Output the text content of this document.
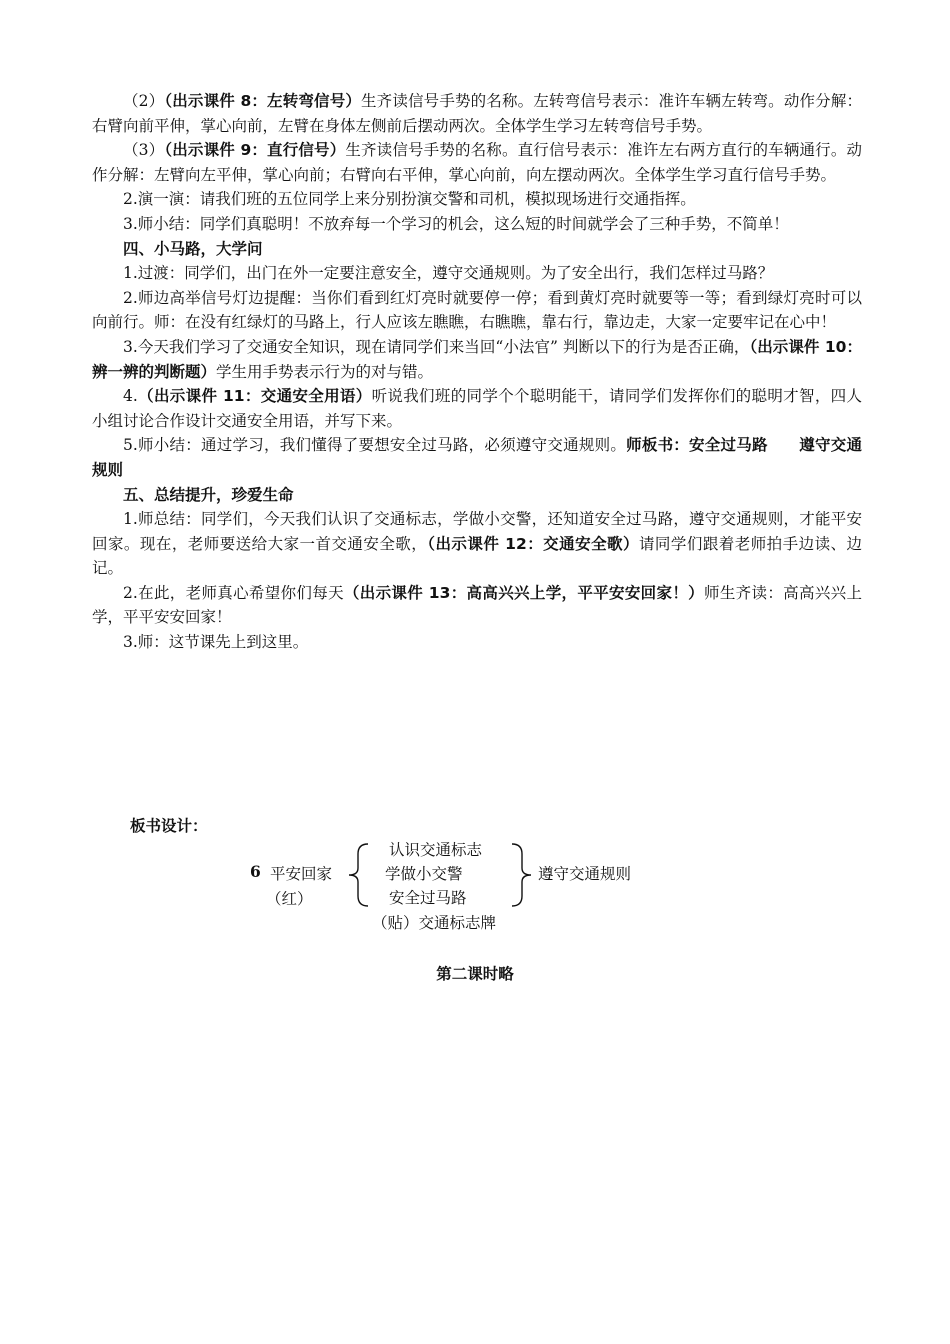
（2）（出示课件 8：左转弯信号）生齐读信号手势的名称。左转弯信号表示：准许车辆左转弯。动作分解：右臂向前平伸，掌心向前，左臂在身体左侧前后摆动两次。全体学生学习左转弯信号手势。

（3）（出示课件 9：直行信号）生齐读信号手势的名称。直行信号表示：准许左右两方直行的车辆通行。动作分解：左臂向左平伸，掌心向前；右臂向右平伸，掌心向前，向左摆动两次。全体学生学习直行信号手势。

2.演一演：请我们班的五位同学上来分别扮演交警和司机，模拟现场进行交通指挥。

3.师小结：同学们真聪明！不放弃每一个学习的机会，这么短的时间就学会了三种手势，不简单！

四、小马路，大学问

1.过渡：同学们，出门在外一定要注意安全，遵守交通规则。为了安全出行，我们怎样过马路？

2.师边高举信号灯边提醒：当你们看到红灯亮时就要停一停；看到黄灯亮时就要等一等；看到绿灯亮时可以向前行。师：在没有红绿灯的马路上，行人应该左瞧瞧，右瞧瞧，靠右行，靠边走，大家一定要牢记在心中！

3.今天我们学习了交通安全知识，现在请同学们来当回“小法官” 判断以下的行为是否正确，（出示课件 10：辨一辨的判断题）学生用手势表示行为的对与错。

4.（出示课件 11：交通安全用语）听说我们班的同学个个聪明能干，请同学们发挥你们的聪明才智，四人小组讨论合作设计交通安全用语，并写下来。

5.师小结：通过学习，我们懂得了要想安全过马路，必须遵守交通规则。师板书：安全过马路　　遵守交通规则

五、总结提升，珍爱生命

1.师总结：同学们，今天我们认识了交通标志，学做小交警，还知道安全过马路，遵守交通规则，才能平安回家。现在，老师要送给大家一首交通安全歌，（出示课件 12：交通安全歌）请同学们跟着老师拍手边读、边记。

2.在此，老师真心希望你们每天（出示课件 13：高高兴兴上学，平平安安回家！）师生齐读：高高兴兴上学，平平安安回家！

3.师：这节课先上到这里。

板书设计：
6 平安回家
（红）
认识交通标志
学做小交警
安全过马路
（贴）交通标志牌
遵守交通规则
第二课时略
